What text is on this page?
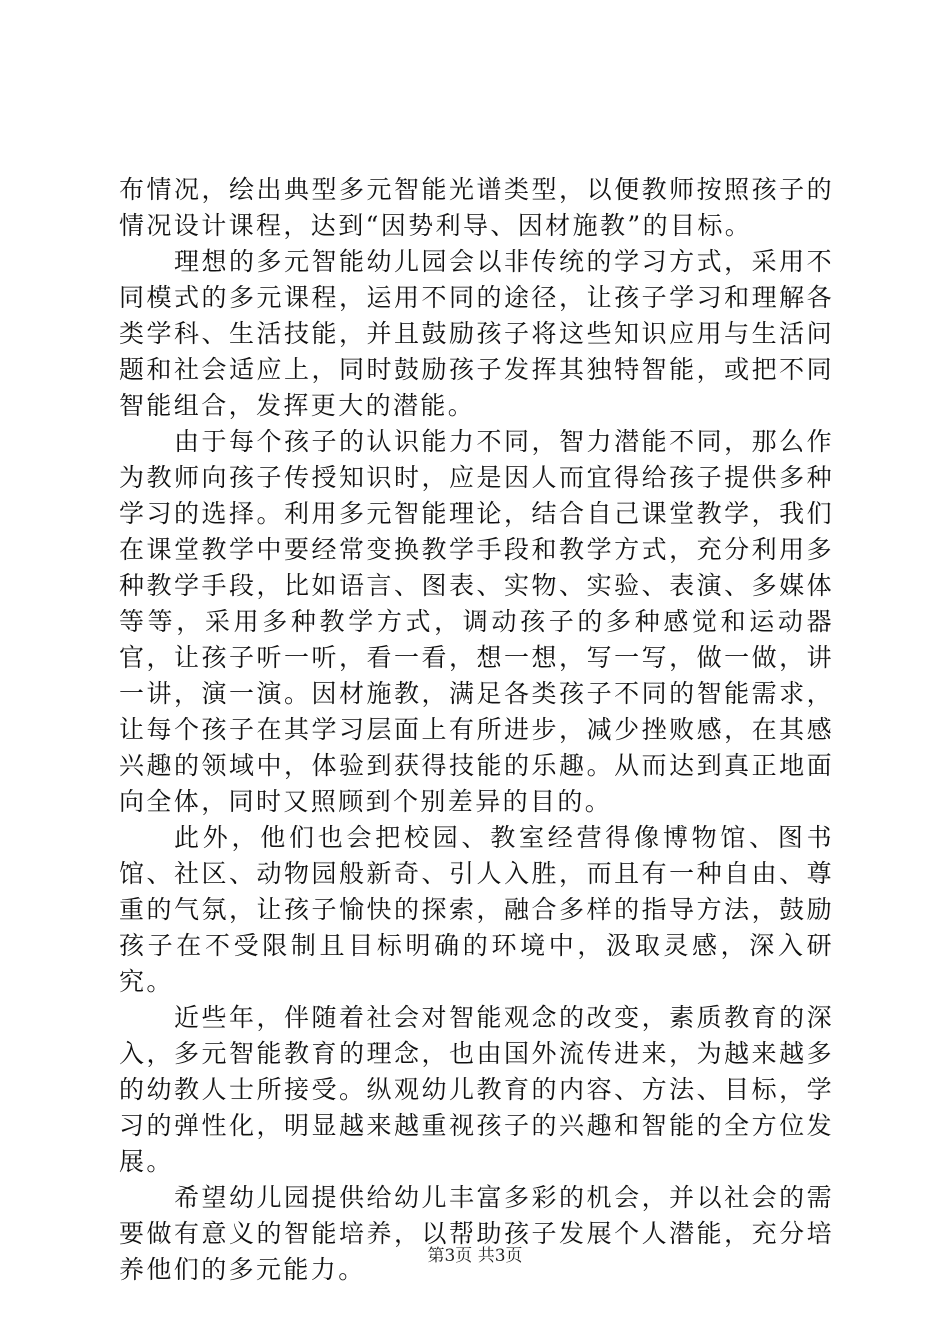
布情况，绘出典型多元智能光谱类型，以便教师按照孩子的情况设计课程，达到“因势利导、因材施教”的目标。

理想的多元智能幼儿园会以非传统的学习方式，采用不同模式的多元课程，运用不同的途径，让孩子学习和理解各类学科、生活技能，并且鼓励孩子将这些知识应用与生活问题和社会适应上，同时鼓励孩子发挥其独特智能，或把不同智能组合，发挥更大的潜能。

由于每个孩子的认识能力不同，智力潜能不同，那么作为教师向孩子传授知识时，应是因人而宜得给孩子提供多种学习的选择。利用多元智能理论，结合自己课堂教学，我们在课堂教学中要经常变换教学手段和教学方式，充分利用多种教学手段，比如语言、图表、实物、实验、表演、多媒体等等，采用多种教学方式，调动孩子的多种感觉和运动器官，让孩子听一听，看一看，想一想，写一写，做一做，讲一讲，演一演。因材施教，满足各类孩子不同的智能需求，让每个孩子在其学习层面上有所进步，减少挫败感，在其感兴趣的领域中，体验到获得技能的乐趣。从而达到真正地面向全体，同时又照顾到个别差异的目的。

此外，他们也会把校园、教室经营得像博物馆、图书馆、社区、动物园般新奇、引人入胜，而且有一种自由、尊重的气氛，让孩子愉快的探索，融合多样的指导方法，鼓励孩子在不受限制且目标明确的环境中，汲取灵感，深入研究。

近些年，伴随着社会对智能观念的改变，素质教育的深入，多元智能教育的理念，也由国外流传进来，为越来越多的幼教人士所接受。纵观幼儿教育的内容、方法、目标，学习的弹性化，明显越来越重视孩子的兴趣和智能的全方位发展。

希望幼儿园提供给幼儿丰富多彩的机会，并以社会的需要做有意义的智能培养，以帮助孩子发展个人潜能，充分培养他们的多元能力。	第3页 共3页
